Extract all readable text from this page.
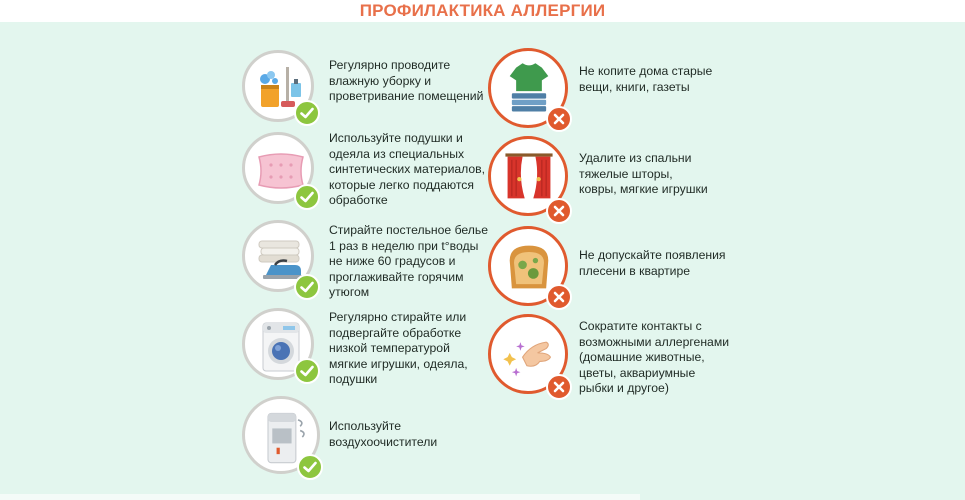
ПРОФИЛАКТИКА АЛЛЕРГИИ
Регулярно проводите
влажную уборку и
проветривание помещений
Используйте подушки и
одеяла из специальных
синтетических материалов,
которые легко поддаются
обработке
Стирайте постельное белье
1 раз в неделю при t°воды
не ниже 60 градусов и
проглаживайте горячим
утюгом
Регулярно стирайте или
подвергайте обработке
низкой температурой
мягкие игрушки, одеяла,
подушки
Используйте
воздухоочистители
Не копите дома старые
вещи, книги, газеты
Удалите из спальни
тяжелые шторы,
ковры, мягкие игрушки
Не допускайте появления
плесени в квартире
Сократите контакты с
возможными аллергенами
(домашние животные,
цветы, аквариумные
рыбки и другое)
